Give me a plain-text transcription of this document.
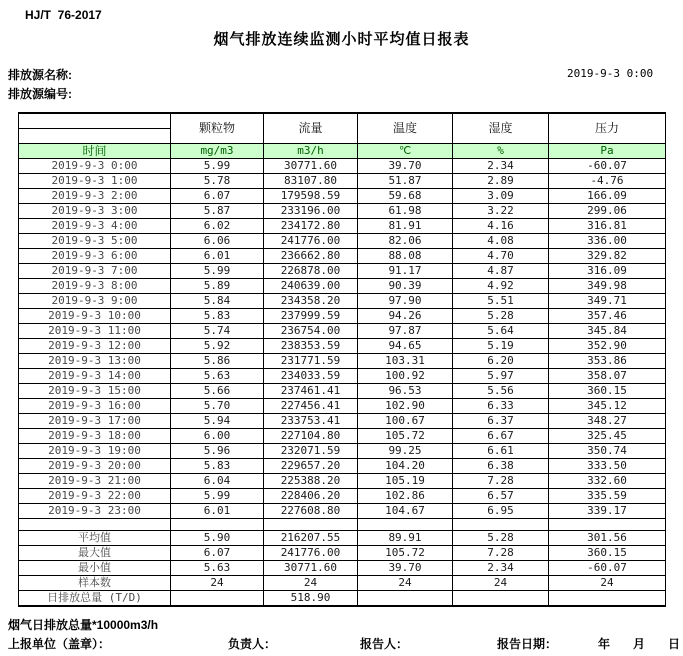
HJ/T  76-2017
烟气排放连续监测小时平均值日报表
排放源名称:
排放源编号:
2019-9-3 0:00
	颗粒物	流量	温度	湿度	压力

时间	mg/m3	m3/h	℃	%	Pa
2019-9-3 0:00	5.99	30771.60	39.70	2.34	-60.07
2019-9-3 1:00	5.78	83107.80	51.87	2.89	-4.76
2019-9-3 2:00	6.07	179598.59	59.68	3.09	166.09
2019-9-3 3:00	5.87	233196.00	61.98	3.22	299.06
2019-9-3 4:00	6.02	234172.80	81.91	4.16	316.81
2019-9-3 5:00	6.06	241776.00	82.06	4.08	336.00
2019-9-3 6:00	6.01	236662.80	88.08	4.70	329.82
2019-9-3 7:00	5.99	226878.00	91.17	4.87	316.09
2019-9-3 8:00	5.89	240639.00	90.39	4.92	349.98
2019-9-3 9:00	5.84	234358.20	97.90	5.51	349.71
2019-9-3 10:00	5.83	237999.59	94.26	5.28	357.46
2019-9-3 11:00	5.74	236754.00	97.87	5.64	345.84
2019-9-3 12:00	5.92	238353.59	94.65	5.19	352.90
2019-9-3 13:00	5.86	231771.59	103.31	6.20	353.86
2019-9-3 14:00	5.63	234033.59	100.92	5.97	358.07
2019-9-3 15:00	5.66	237461.41	96.53	5.56	360.15
2019-9-3 16:00	5.70	227456.41	102.90	6.33	345.12
2019-9-3 17:00	5.94	233753.41	100.67	6.37	348.27
2019-9-3 18:00	6.00	227104.80	105.72	6.67	325.45
2019-9-3 19:00	5.96	232071.59	99.25	6.61	350.74
2019-9-3 20:00	5.83	229657.20	104.20	6.38	333.50
2019-9-3 21:00	6.04	225388.20	105.19	7.28	332.60
2019-9-3 22:00	5.99	228406.20	102.86	6.57	335.59
2019-9-3 23:00	6.01	227608.80	104.67	6.95	339.17

平均值	5.90	216207.55	89.91	5.28	301.56
最大值	6.07	241776.00	105.72	7.28	360.15
最小值	5.63	30771.60	39.70	2.34	-60.07
样本数	24	24	24	24	24
日排放总量 (T/D)		518.90			
烟气日排放总量*10000m3/h
上报单位（盖章）：	负责人：	报告人：	报告日期：	年 月 日
